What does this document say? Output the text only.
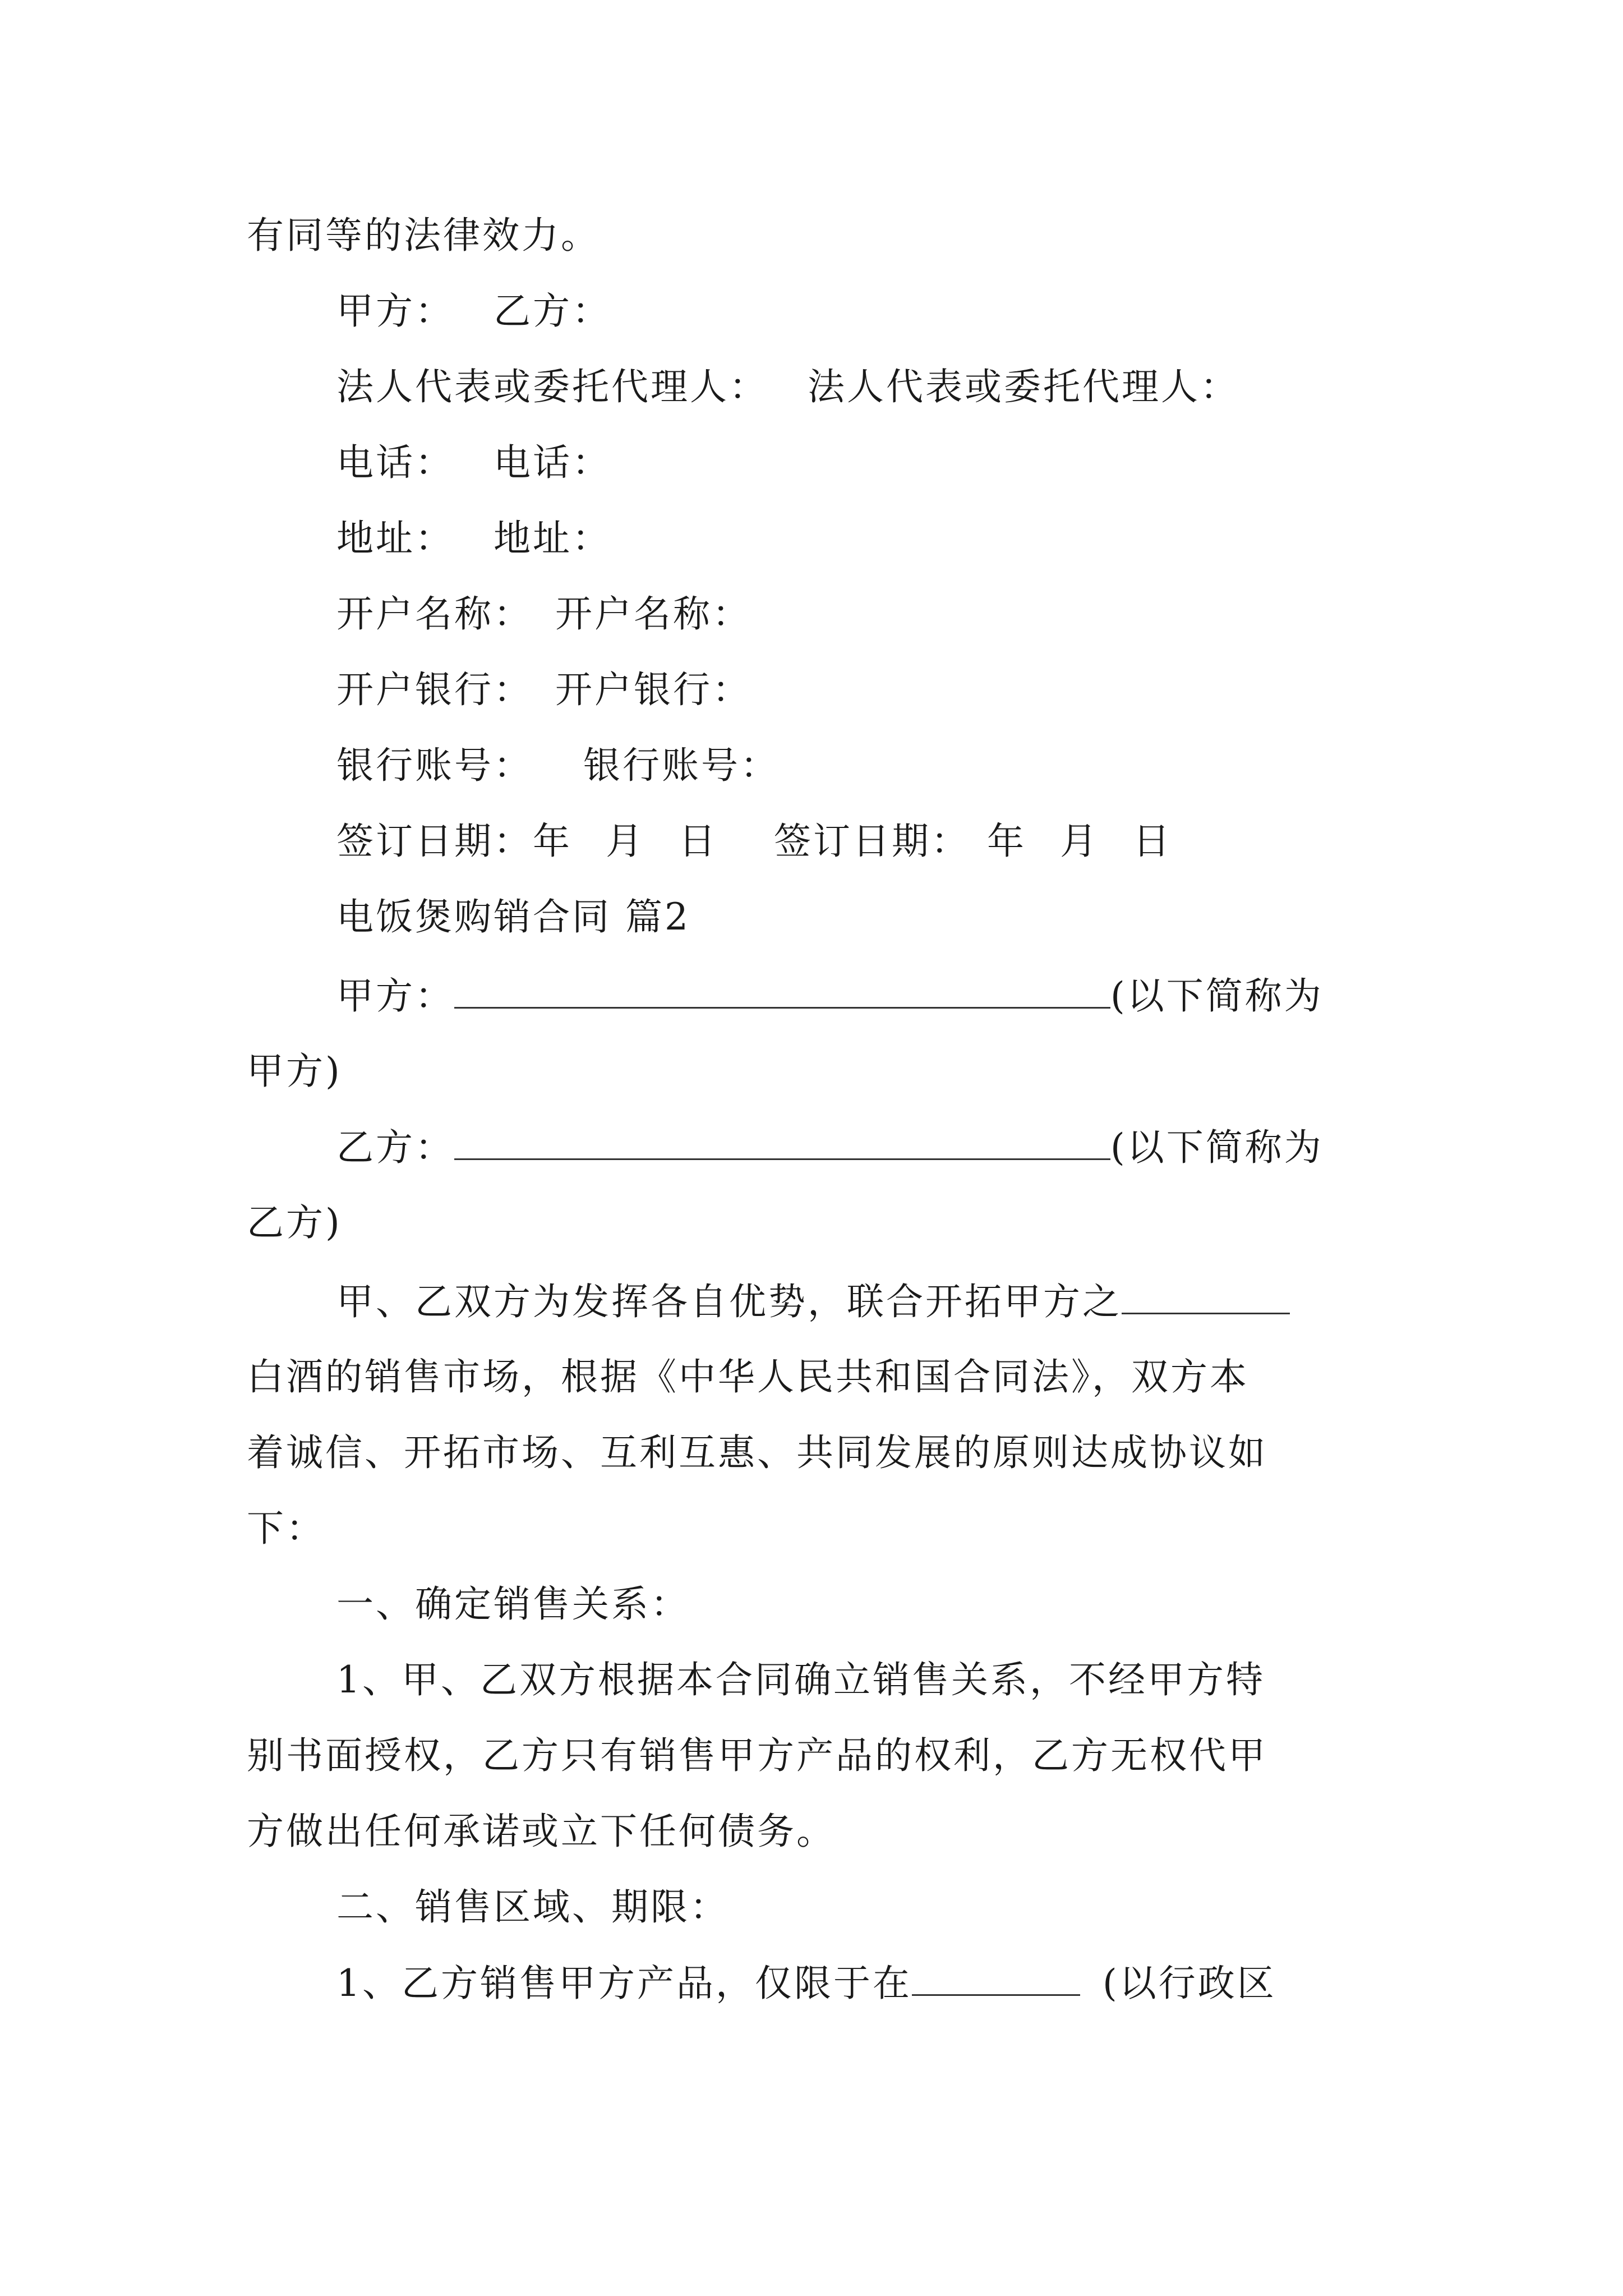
有同等的法律效力。
甲方： 乙方：
法人代表或委托代理人： 法人代表或委托代理人：
电话： 电话：
地址： 地址：
开户名称： 开户名称：
开户银行： 开户银行：
银行账号： 银行账号：
签订日期：年 月 日 签订日期： 年 月 日
电饭煲购销合同 篇2
甲方：	(以下简称为
甲方)
乙方：	(以下简称为
乙方)
甲、乙双方为发挥各自优势，联合开拓甲方之
白酒的销售市场，根据《中华人民共和国合同法》，双方本
着诚信、开拓市场、互利互惠、共同发展的原则达成协议如
下：
一、确定销售关系：
1、甲、乙双方根据本合同确立销售关系，不经甲方特
别书面授权，乙方只有销售甲方产品的权利，乙方无权代甲
方做出任何承诺或立下任何债务。
二、销售区域、期限：
1、乙方销售甲方产品，仅限于在	(以行政区
